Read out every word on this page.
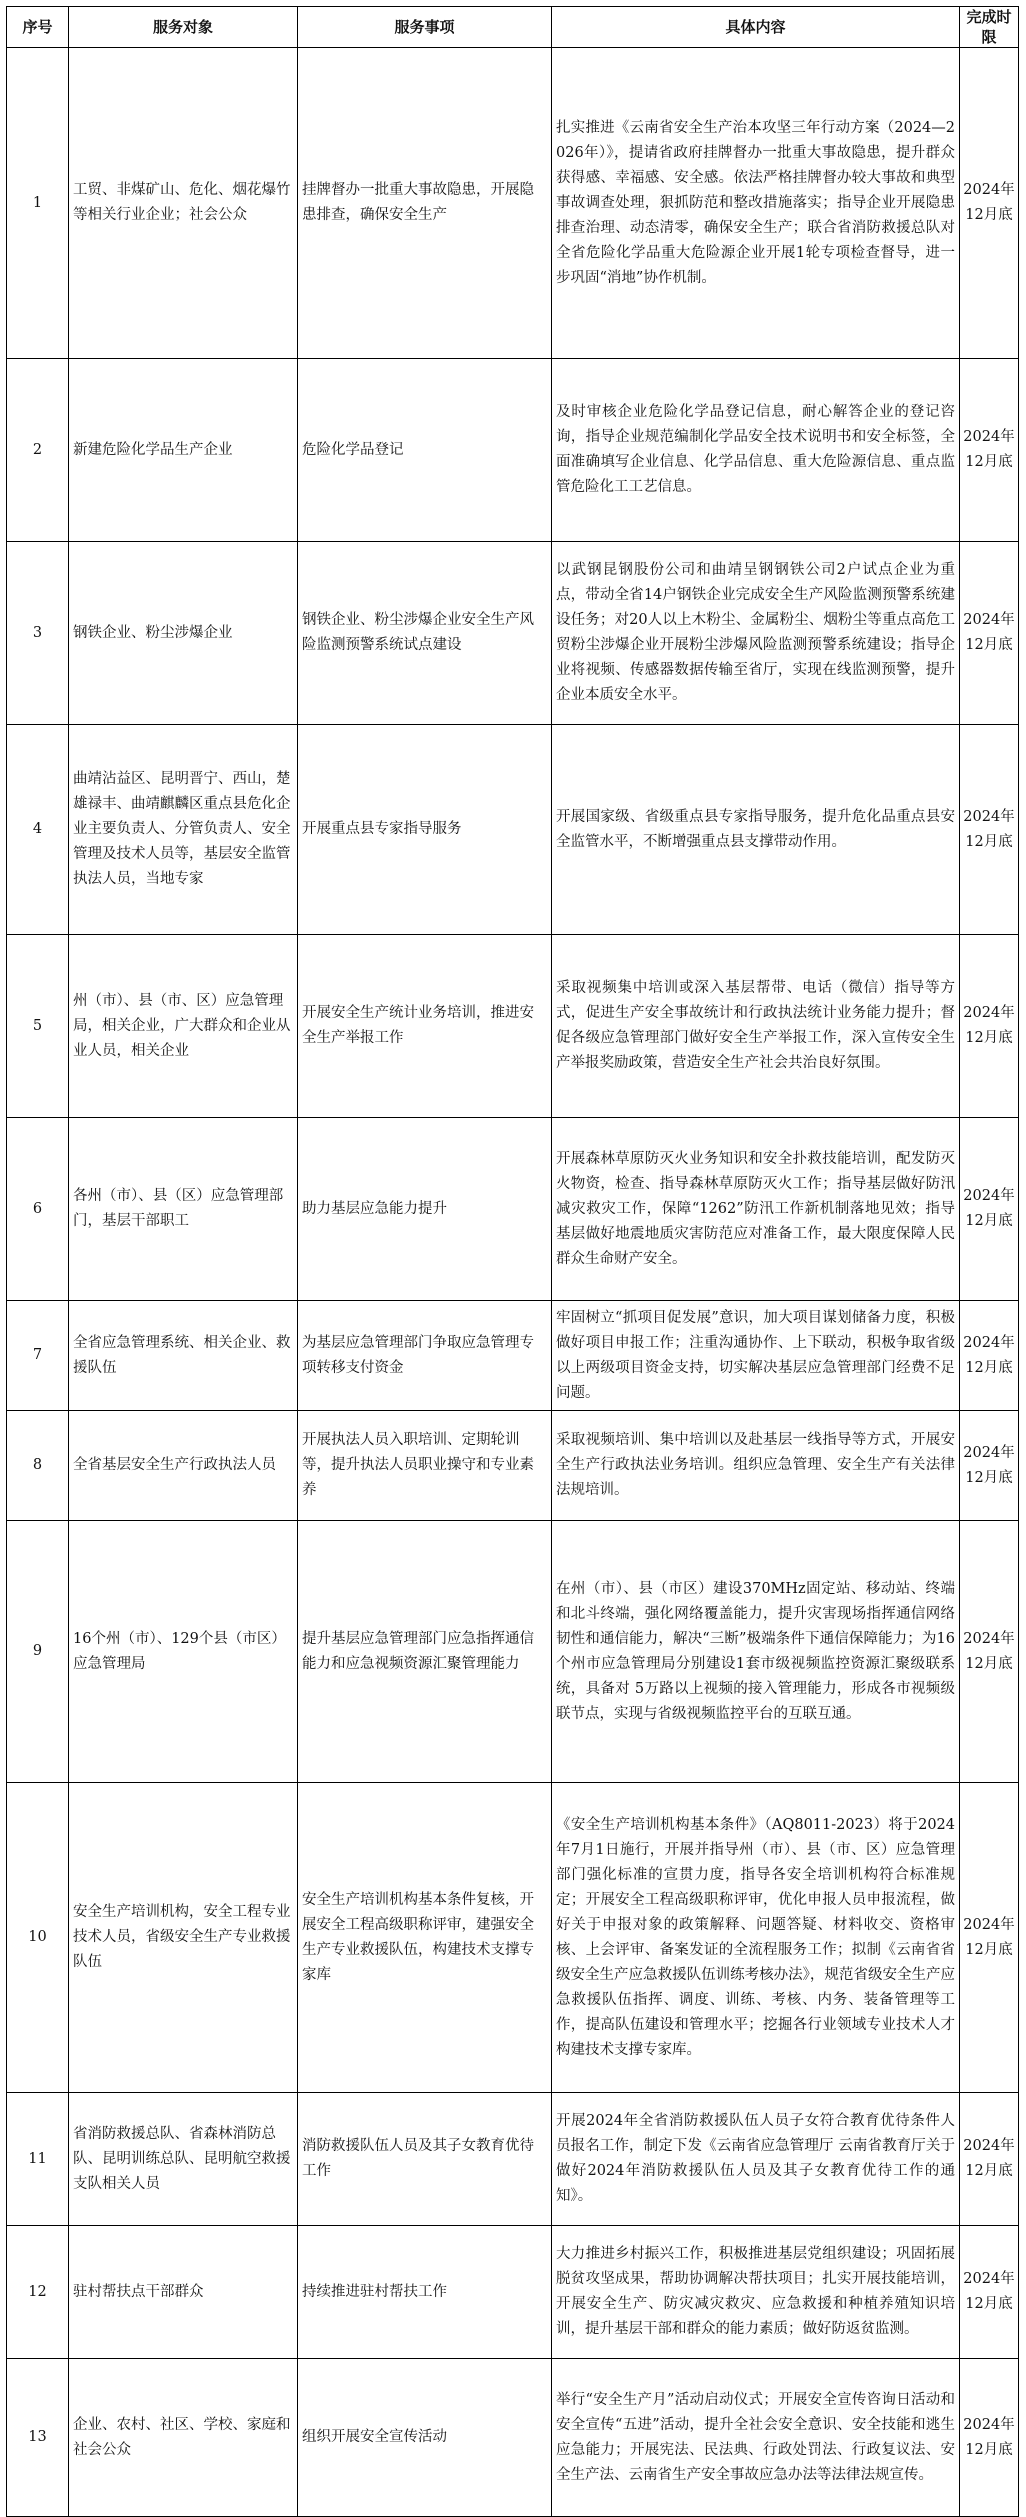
序号	服务对象	服务事项	具体内容	完成时限
1	工贸、非煤矿山、危化、烟花爆竹等相关行业企业；社会公众	挂牌督办一批重大事故隐患，开展隐患排查，确保安全生产	扎实推进《云南省安全生产治本攻坚三年行动方案（2024—2026年）》，提请省政府挂牌督办一批重大事故隐患，提升群众获得感、幸福感、安全感。依法严格挂牌督办较大事故和典型事故调查处理，狠抓防范和整改措施落实；指导企业开展隐患排查治理、动态清零，确保安全生产；联合省消防救援总队对全省危险化学品重大危险源企业开展1轮专项检查督导，进一步巩固“消地”协作机制。	2024年12月底
2	新建危险化学品生产企业	危险化学品登记	及时审核企业危险化学品登记信息，耐心解答企业的登记咨询，指导企业规范编制化学品安全技术说明书和安全标签，全面准确填写企业信息、化学品信息、重大危险源信息、重点监管危险化工工艺信息。	2024年12月底
3	钢铁企业、粉尘涉爆企业	钢铁企业、粉尘涉爆企业安全生产风险监测预警系统试点建设	以武钢昆钢股份公司和曲靖呈钢钢铁公司2户试点企业为重点，带动全省14户钢铁企业完成安全生产风险监测预警系统建设任务；对20人以上木粉尘、金属粉尘、烟粉尘等重点高危工贸粉尘涉爆企业开展粉尘涉爆风险监测预警系统建设；指导企业将视频、传感器数据传输至省厅，实现在线监测预警，提升企业本质安全水平。	2024年12月底
4	曲靖沾益区、昆明晋宁、西山，楚雄禄丰、曲靖麒麟区重点县危化企业主要负责人、分管负责人、安全管理及技术人员等，基层安全监管执法人员，当地专家	开展重点县专家指导服务	开展国家级、省级重点县专家指导服务，提升危化品重点县安全监管水平，不断增强重点县支撑带动作用。	2024年12月底
5	州（市）、县（市、区）应急管理局，相关企业，广大群众和企业从业人员，相关企业	开展安全生产统计业务培训，推进安全生产举报工作	采取视频集中培训或深入基层帮带、电话（微信）指导等方式，促进生产安全事故统计和行政执法统计业务能力提升；督促各级应急管理部门做好安全生产举报工作，深入宣传安全生产举报奖励政策，营造安全生产社会共治良好氛围。	2024年12月底
6	各州（市）、县（区）应急管理部门，基层干部职工	助力基层应急能力提升	开展森林草原防灭火业务知识和安全扑救技能培训，配发防灭火物资，检查、指导森林草原防灭火工作；指导基层做好防汛减灾救灾工作，保障“1262”防汛工作新机制落地见效；指导基层做好地震地质灾害防范应对准备工作，最大限度保障人民群众生命财产安全。	2024年12月底
7	全省应急管理系统、相关企业、救援队伍	为基层应急管理部门争取应急管理专项转移支付资金	牢固树立“抓项目促发展”意识，加大项目谋划储备力度，积极做好项目申报工作；注重沟通协作、上下联动，积极争取省级以上两级项目资金支持，切实解决基层应急管理部门经费不足问题。	2024年12月底
8	全省基层安全生产行政执法人员	开展执法人员入职培训、定期轮训等，提升执法人员职业操守和专业素养	采取视频培训、集中培训以及赴基层一线指导等方式，开展安全生产行政执法业务培训。组织应急管理、安全生产有关法律法规培训。	2024年12月底
9	16个州（市）、129个县（市区）应急管理局	提升基层应急管理部门应急指挥通信能力和应急视频资源汇聚管理能力	在州（市）、县（市区）建设370MHz固定站、移动站、终端和北斗终端，强化网络覆盖能力，提升灾害现场指挥通信网络韧性和通信能力，解决“三断”极端条件下通信保障能力；为16个州市应急管理局分别建设1套市级视频监控资源汇聚级联系统，具备对 5万路以上视频的接入管理能力，形成各市视频级联节点，实现与省级视频监控平台的互联互通。	2024年12月底
10	安全生产培训机构，安全工程专业技术人员，省级安全生产专业救援队伍	安全生产培训机构基本条件复核，开展安全工程高级职称评审，建强安全生产专业救援队伍，构建技术支撑专家库	《安全生产培训机构基本条件》（AQ8011-2023）将于2024年7月1日施行，开展并指导州（市）、县（市、区）应急管理部门强化标准的宣贯力度，指导各安全培训机构符合标准规定；开展安全工程高级职称评审，优化申报人员申报流程，做好关于申报对象的政策解释、问题答疑、材料收交、资格审核、上会评审、备案发证的全流程服务工作；拟制《云南省省级安全生产应急救援队伍训练考核办法》，规范省级安全生产应急救援队伍指挥、调度、训练、考核、内务、装备管理等工作，提高队伍建设和管理水平；挖掘各行业领域专业技术人才构建技术支撑专家库。	2024年12月底
11	省消防救援总队、省森林消防总队、昆明训练总队、昆明航空救援支队相关人员	消防救援队伍人员及其子女教育优待工作	开展2024年全省消防救援队伍人员子女符合教育优待条件人员报名工作，制定下发《云南省应急管理厅 云南省教育厅关于做好2024年消防救援队伍人员及其子女教育优待工作的通知》。	2024年12月底
12	驻村帮扶点干部群众	持续推进驻村帮扶工作	大力推进乡村振兴工作，积极推进基层党组织建设；巩固拓展脱贫攻坚成果，帮助协调解决帮扶项目；扎实开展技能培训，开展安全生产、防灾减灾救灾、应急救援和种植养殖知识培训，提升基层干部和群众的能力素质；做好防返贫监测。	2024年12月底
13	企业、农村、社区、学校、家庭和社会公众	组织开展安全宣传活动	举行“安全生产月”活动启动仪式；开展安全宣传咨询日活动和安全宣传“五进”活动，提升全社会安全意识、安全技能和逃生应急能力；开展宪法、民法典、行政处罚法、行政复议法、安全生产法、云南省生产安全事故应急办法等法律法规宣传。	2024年12月底
